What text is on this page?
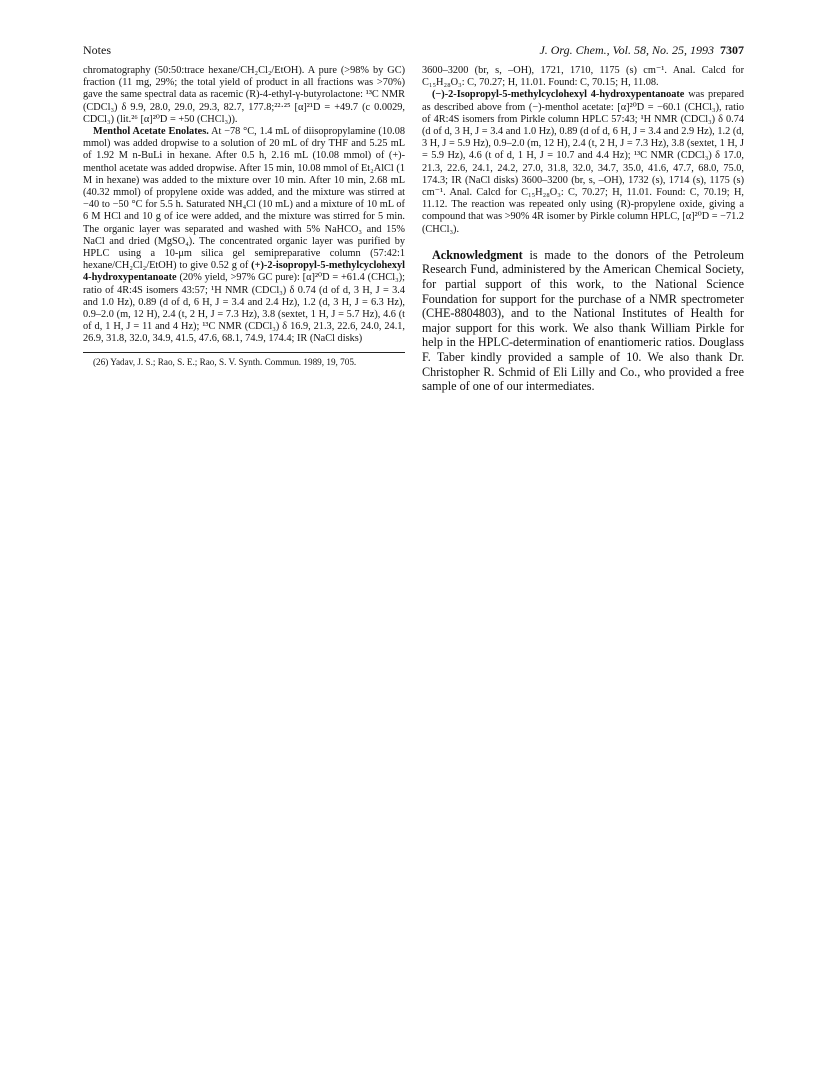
Notes	J. Org. Chem., Vol. 58, No. 25, 1993 7307

chromatography (50:50:trace hexane/CH₂Cl₂/EtOH). A pure (>98% by GC) fraction (11 mg, 29%; the total yield of product in all fractions was >70%) gave the same spectral data as racemic (R)-4-ethyl-γ-butyrolactone: ¹³C NMR (CDCl₃) δ 9.9, 28.0, 29.0, 29.3, 82.7, 177.8;²²·²⁵ [α]²¹D = +49.7 (c 0.0029, CDCl₃) (lit.²⁶ [α]²⁰D = +50 (CHCl₃)).

Menthol Acetate Enolates. At −78 °C, 1.4 mL of diisopropylamine (10.08 mmol) was added dropwise to a solution of 20 mL of dry THF and 5.25 mL of 1.92 M n-BuLi in hexane. After 0.5 h, 2.16 mL (10.08 mmol) of (+)-menthol acetate was added dropwise. After 15 min, 10.08 mmol of Et₂AlCl (1 M in hexane) was added to the mixture over 10 min. After 10 min, 2.68 mL (40.32 mmol) of propylene oxide was added, and the mixture was stirred at −40 to −50 °C for 5.5 h. Saturated NH₄Cl (10 mL) and a mixture of 10 mL of 6 M HCl and 10 g of ice were added, and the mixture was stirred for 5 min. The organic layer was separated and washed with 5% NaHCO₃ and 15% NaCl and dried (MgSO₄). The concentrated organic layer was purified by HPLC using a 10-μm silica gel semipreparative column (57:42:1 hexane/CH₂Cl₂/EtOH) to give 0.52 g of (+)-2-isopropyl-5-methylcyclohexyl 4-hydroxypentanoate (20% yield, >97% GC pure): [α]²⁰D = +61.4 (CHCl₃); ratio of 4R:4S isomers 43:57; ¹H NMR (CDCl₃) δ 0.74 (d of d, 3 H, J = 3.4 and 1.0 Hz), 0.89 (d of d, 6 H, J = 3.4 and 2.4 Hz), 1.2 (d, 3 H, J = 6.3 Hz), 0.9–2.0 (m, 12 H), 2.4 (t, 2 H, J = 7.3 Hz), 3.8 (sextet, 1 H, J = 5.7 Hz), 4.6 (t of d, 1 H, J = 11 and 4 Hz); ¹³C NMR (CDCl₃) δ 16.9, 21.3, 22.6, 24.0, 24.1, 26.9, 31.8, 32.0, 34.9, 41.5, 47.6, 68.1, 74.9, 174.4; IR (NaCl disks)

(26) Yadav, J. S.; Rao, S. E.; Rao, S. V. Synth. Commun. 1989, 19, 705.

3600–3200 (br, s, –OH), 1721, 1710, 1175 (s) cm⁻¹. Anal. Calcd for C₁₅H₂₈O₃: C, 70.27; H, 11.01. Found: C, 70.15; H, 11.08.

(−)-2-Isopropyl-5-methylcyclohexyl 4-hydroxypentanoate was prepared as described above from (−)-menthol acetate: [α]²⁰D = −60.1 (CHCl₃), ratio of 4R:4S isomers from Pirkle column HPLC 57:43; ¹H NMR (CDCl₃) δ 0.74 (d of d, 3 H, J = 3.4 and 1.0 Hz), 0.89 (d of d, 6 H, J = 3.4 and 2.9 Hz), 1.2 (d, 3 H, J = 5.9 Hz), 0.9–2.0 (m, 12 H), 2.4 (t, 2 H, J = 7.3 Hz), 3.8 (sextet, 1 H, J = 5.9 Hz), 4.6 (t of d, 1 H, J = 10.7 and 4.4 Hz); ¹³C NMR (CDCl₃) δ 17.0, 21.3, 22.6, 24.1, 24.2, 27.0, 31.8, 32.0, 34.7, 35.0, 41.6, 47.7, 68.0, 75.0, 174.3; IR (NaCl disks) 3600–3200 (br, s, –OH), 1732 (s), 1714 (s), 1175 (s) cm⁻¹. Anal. Calcd for C₁₅H₂₈O₃: C, 70.27; H, 11.01. Found: C, 70.19; H, 11.12. The reaction was repeated only using (R)-propylene oxide, giving a compound that was >90% 4R isomer by Pirkle column HPLC, [α]²⁰D = −71.2 (CHCl₃).

Acknowledgment is made to the donors of the Petroleum Research Fund, administered by the American Chemical Society, for partial support of this work, to the National Science Foundation for support for the purchase of a NMR spectrometer (CHE-8804803), and to the National Institutes of Health for major support for this work. We also thank William Pirkle for help in the HPLC-determination of enantiomeric ratios. Douglass F. Taber kindly provided a sample of 10. We also thank Dr. Christopher R. Schmid of Eli Lilly and Co., who provided a free sample of one of our intermediates.
